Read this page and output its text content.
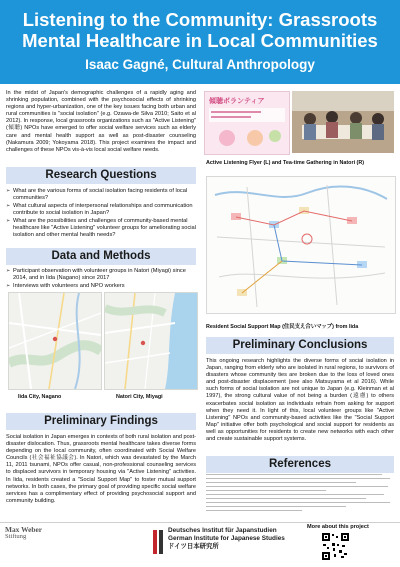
Listening to the Community: Grassroots
Mental Healthcare in Local Communities
Isaac Gagné, Cultural Anthropology

In the midst of Japan's demographic challenges of a rapidly aging and shrinking population, combined with the psychosocial effects of shrinking regions and hyper-urbanization, one of the key issues facing both urban and rural communities is "social isolation" (e.g. Ozawa-de Silva 2010; Saito et al 2012). In response, local grassroots organizations such as "Active Listening" (傾聴) NPOs have emerged to offer social welfare services such as elderly care and mental health support as well as post-disaster counseling (Nakamura 2009; Yokoyama 2018). This project examines the impact and challenges of these NPOs vis-à-vis local social welfare needs.

Research Questions
➢ What are the various forms of social isolation facing residents of local communities?
➢ What cultural aspects of interpersonal relationships and communication contribute to social isolation in Japan?
➢ What are the possibilities and challenges of community-based mental healthcare like "Active Listening" volunteer groups for ameliorating social isolation and other mental health needs?
Data and Methods
➢ Participant observation with volunteer groups in Natori (Miyagi) since 2014, and in Iida (Nagano) since 2017
➢ Interviews with volunteers and NPO workers
Iida City, Nagano	Natori City, Miyagi
Preliminary Findings

Social isolation in Japan emerges in contexts of both rural isolation and post-disaster dislocation. Thus, grassroots mental healthcare takes diverse forms depending on the local community, often coordinated with Social Welfare Councils (社会福祉協議会). In Natori, which was devastated by the March 11, 2011 tsunami, NPOs offer casual, non-professional counseling services to displaced survivors in temporary housing via "Active Listening" activities. In Iida, residents created a "Social Support Map" to foster mutual support networks. In both cases, the primary goal of providing specific social welfare services has a complimentary effect of providing psychosocial support and community building.

傾聴ボランティア
Active Listening Flyer (L) and Tea-time Gathering in Natori (R)
Resident Social Support Map (住民支え合いマップ) from Iida
Preliminary Conclusions

This ongoing research highlights the diverse forms of social isolation in Japan, ranging from elderly who are isolated in rural regions, to survivors of disasters whose community ties are broken due to the loss of loved ones and post-disaster displacement (see also Matsuyama et al 2016). While such forms of social isolation are not unique to Japan (e.g. Kleinman et al 1997), the strong cultural value of not being a burden (遠慮) to others exacerbates social isolation as individuals refrain from asking for support when they need it. In light of this, local volunteer groups like "Active Listening" NPOs and community-based activities like the "Social Support Map" initiative offer both psychological and social support for residents as well as opportunities for residents to create new networks with each other and create sustainable support systems.

References
Max Weber
Stiftung
Deutsches Institut für Japanstudien
German Institute for Japanese Studies
ドイツ日本研究所
More about this project
